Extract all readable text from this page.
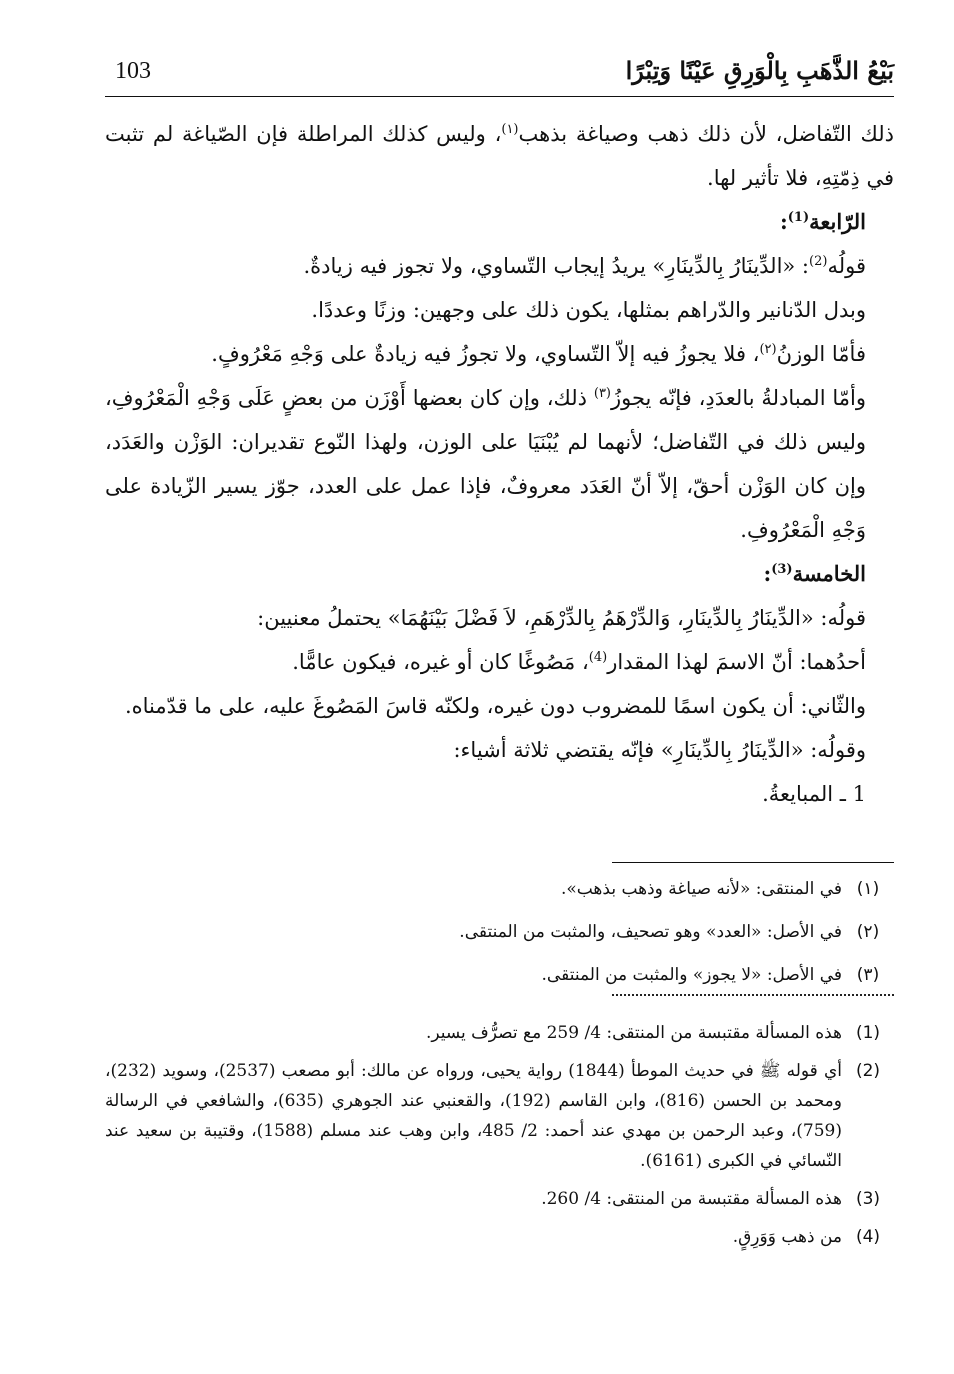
103	بَيْعُ الذَّهَبِ بِالْوَرِقِ عَيْنًا وَتِبْرًا

ذلك التّفاضل، لأن ذلك ذهب وصياغة بذهب$^{(١)}$، وليس كذلك المراطلة فإن الصّياغة لم تثبت في ذِمّتِهِ، فلا تأثير لها.

الرّابعة$^{(1)}$:

قولُه$^{(2)}$: «الدِّينَارُ بِالدِّينَارِ» يريدُ إيجاب التّساوي، ولا تجوز فيه زيادةٌ.

وبدل الدّنانير والدّراهم بمثلها، يكون ذلك على وجهين: وزنًا وعددًا.

فأمّا الوزنُ$^{(٢)}$، فلا يجوزُ فيه إلاّ التّساوي، ولا تجوزُ فيه زيادةٌ على وَجْهِ مَعْرُوفٍ.

وأمّا المبادلةُ بالعدَدِ، فإنّه يجوزُ$^{(٣)}$ ذلك، وإن كان بعضها أَوْزَن من بعضٍ عَلَى وَجْهِ الْمَعْرُوفِ، وليس ذلك في التّفاضل؛ لأنهما لم يُبْنَيَا على الوزن، ولهذا النّوع تقديران: الوَزْن والعَدَد، وإن كان الوَزْن أحقّ، إلاّ أنّ العَدَد معروفٌ، فإذا عمل على العدد، جوّز يسير الزّيادة على وَجْهِ الْمَعْرُوفِ.

الخامسة$^{(3)}$:

قولُه: «الدِّينَارُ بِالدِّينَارِ، وَالدِّرْهَمُ بِالدِّرْهَمِ، لاَ فَضْلَ بَيْنَهُمَا» يحتملُ معنيين:

أحدُهما: أنّ الاسمَ لهذا المقدار$^{(4)}$، مَصُوغًا كان أو غيره، فيكون عامًّا.

والثّاني: أن يكون اسمًا للمضروب دون غيره، ولكنّه قاسَ المَصُوغَ عليه، على ما قدّمناه.

وقولُه: «الدِّينَارُ بِالدِّينَارِ» فإنّه يقتضي ثلاثة أشياء:

1 ـ المبايعةُ.

(١)
في المنتقى: «لأنه صياغة وذهب بذهب».
(٢)
في الأصل: «العدد» وهو تصحيف، والمثبت من المنتقى.
(٣)
في الأصل: «لا يجوز» والمثبت من المنتقى.
(1)
هذه المسألة مقتبسة من المنتقى: 4/ 259 مع تصرُّف يسير.
(2)
أي قوله ﷺ في حديث الموطأ (1844) رواية يحيى، ورواه عن مالك: أبو مصعب (2537)، وسويد (232)، ومحمد بن الحسن (816)، وابن القاسم (192)، والقعنبي عند الجوهري (635)، والشافعي في الرسالة (759)، وعبد الرحمن بن مهدي عند أحمد: 2/ 485، وابن وهب عند مسلم (1588)، وقتيبة بن سعيد عند النّسائي في الكبرى (6161).
(3)
هذه المسألة مقتبسة من المنتقى: 4/ 260.
(4)
من ذهب وَوَرِقٍ.
